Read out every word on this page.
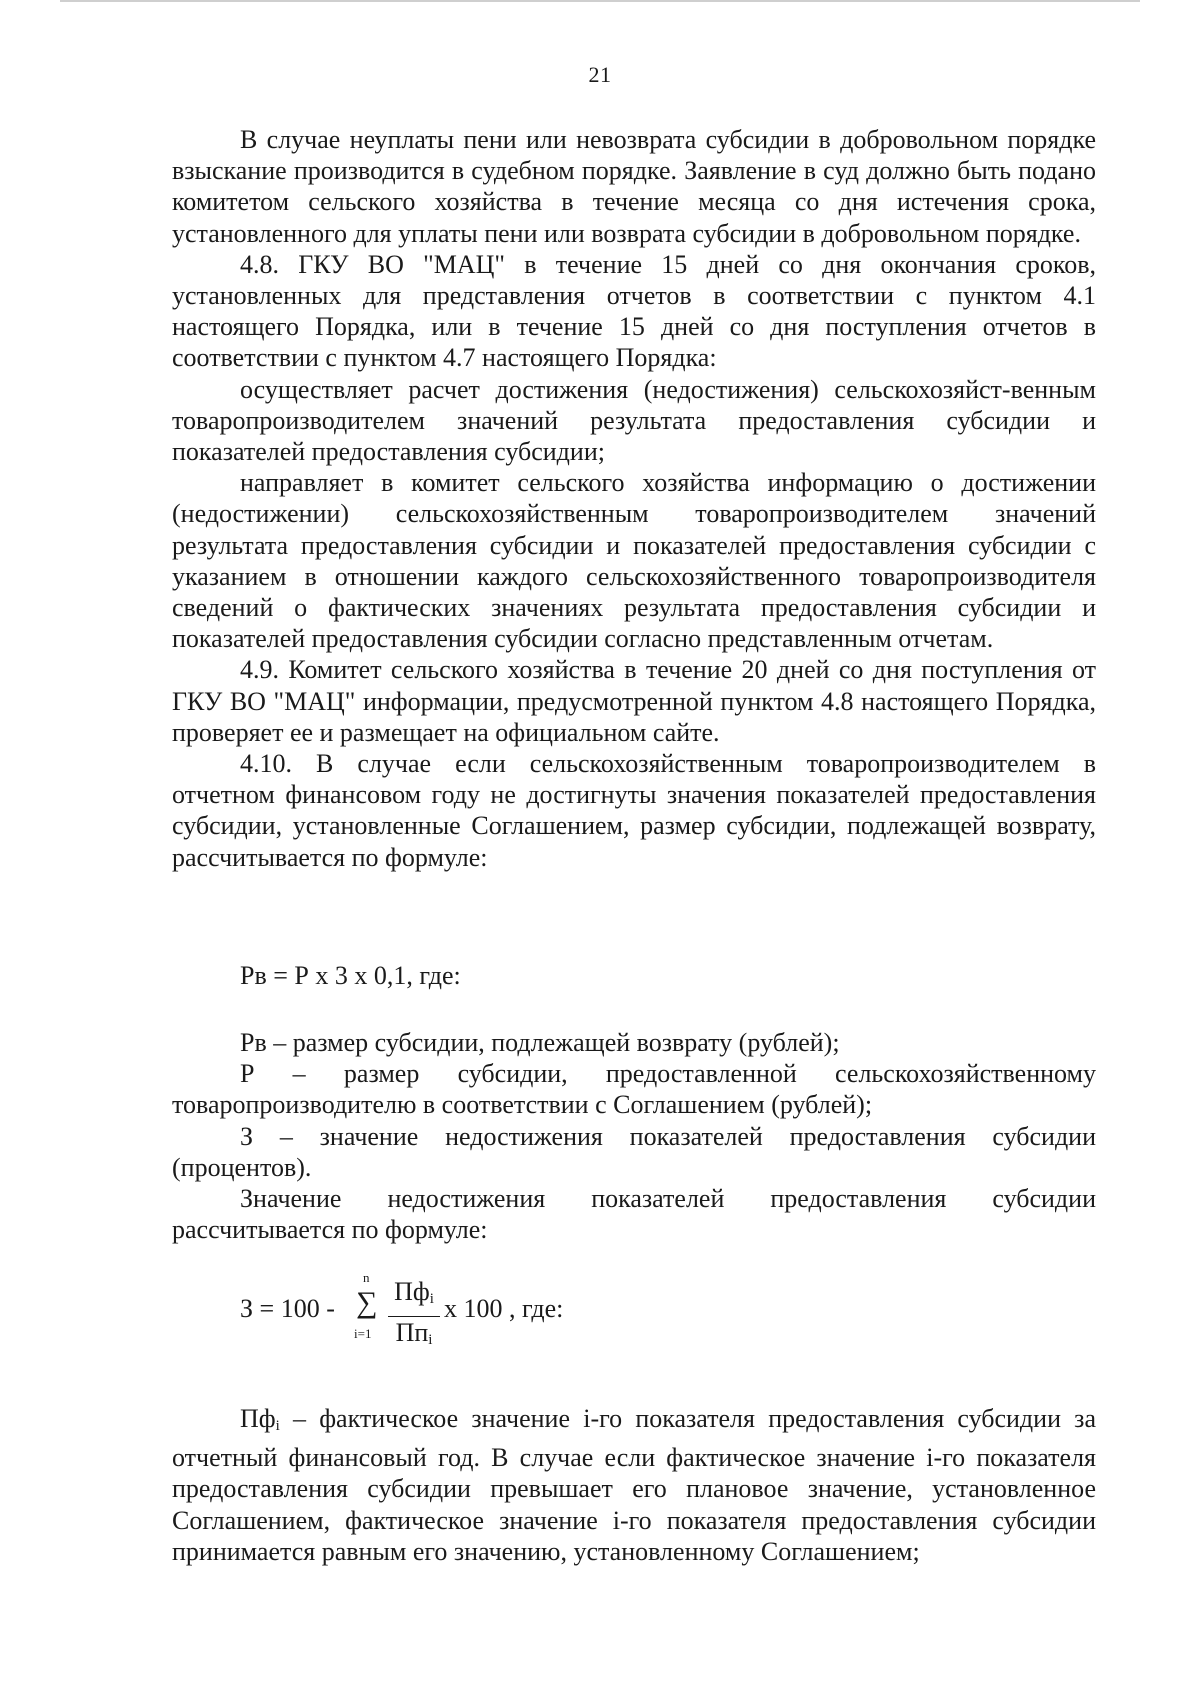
21

В случае неуплаты пени или невозврата субсидии в добровольном порядке взыскание производится в судебном порядке. Заявление в суд должно быть подано комитетом сельского хозяйства в течение месяца со дня истечения срока, установленного для уплаты пени или возврата субсидии в добровольном порядке.

4.8. ГКУ ВО "МАЦ" в течение 15 дней со дня окончания сроков, установленных для представления отчетов в соответствии с пунктом 4.1 настоящего Порядка, или в течение 15 дней со дня поступления отчетов в соответствии с пунктом 4.7 настоящего Порядка:

осуществляет расчет достижения (недостижения) сельскохозяйст-венным товаропроизводителем значений результата предоставления субсидии и показателей предоставления субсидии;

направляет в комитет сельского хозяйства информацию о достижении (недостижении) сельскохозяйственным товаропроизводителем значений результата предоставления субсидии и показателей предоставления субсидии с указанием в отношении каждого сельскохозяйственного товаропроизводителя сведений о фактических значениях результата предоставления субсидии и показателей предоставления субсидии согласно представленным отчетам.

4.9. Комитет сельского хозяйства в течение 20 дней со дня поступления от ГКУ ВО "МАЦ" информации, предусмотренной пунктом 4.8 настоящего Порядка, проверяет ее и размещает на официальном сайте.

4.10. В случае если сельскохозяйственным товаропроизводителем в отчетном финансовом году не достигнуты значения показателей предоставления субсидии, установленные Соглашением, размер субсидии, подлежащей возврату, рассчитывается по формуле:

Рв = Р x 3 x 0,1, где:

Рв – размер субсидии, подлежащей возврату (рублей);

Р – размер субсидии, предоставленной сельскохозяйственному товаропроизводителю в соответствии с Соглашением (рублей);

З – значение недостижения показателей предоставления субсидии (процентов).

Значение недостижения показателей предоставления субсидии рассчитывается по формуле:

З = 100 -
n
∑
i=1
$Пф_i$
$Пп_i$
x 100 , где:

$Пф_i$ – фактическое значение i-го показателя предоставления субсидии за отчетный финансовый год. В случае если фактическое значение i-го показателя предоставления субсидии превышает его плановое значение, установленное Соглашением, фактическое значение i-го показателя предоставления субсидии принимается равным его значению, установленному Соглашением;
